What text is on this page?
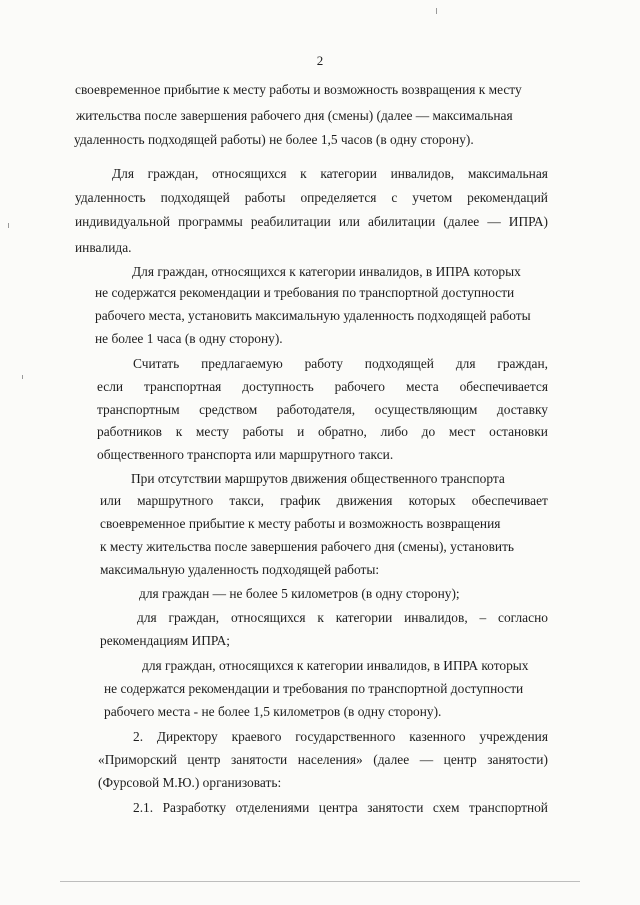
2
своевременное прибытие к месту работы и возможность возвращения к месту
жительства после завершения рабочего дня (смены) (далее — максимальная
удаленность подходящей работы) не более 1,5 часов (в одну сторону).
Для граждан, относящихся к категории инвалидов, максимальная
удаленность подходящей работы определяется с учетом рекомендаций
индивидуальной программы реабилитации или абилитации (далее — ИПРА)
инвалида.
Для граждан, относящихся к категории инвалидов, в ИПРА которых
не содержатся рекомендации и требования по транспортной доступности
рабочего места, установить максимальную удаленность подходящей работы
не более 1 часа (в одну сторону).
Считать предлагаемую работу подходящей для граждан,
если транспортная доступность рабочего места обеспечивается
транспортным средством работодателя, осуществляющим доставку
работников к месту работы и обратно, либо до мест остановки
общественного транспорта или маршрутного такси.
При отсутствии маршрутов движения общественного транспорта
или маршрутного такси, график движения которых обеспечивает
своевременное прибытие к месту работы и возможность возвращения
к месту жительства после завершения рабочего дня (смены), установить
максимальную удаленность подходящей работы:
для граждан — не более 5 километров (в одну сторону);
для граждан, относящихся к категории инвалидов, – согласно
рекомендациям ИПРА;
для граждан, относящихся к категории инвалидов, в ИПРА которых
не содержатся рекомендации и требования по транспортной доступности
рабочего места - не более 1,5 километров (в одну сторону).
2. Директору краевого государственного казенного учреждения
«Приморский центр занятости населения» (далее — центр занятости)
(Фурсовой М.Ю.) организовать:
2.1. Разработку отделениями центра занятости схем транспортной
